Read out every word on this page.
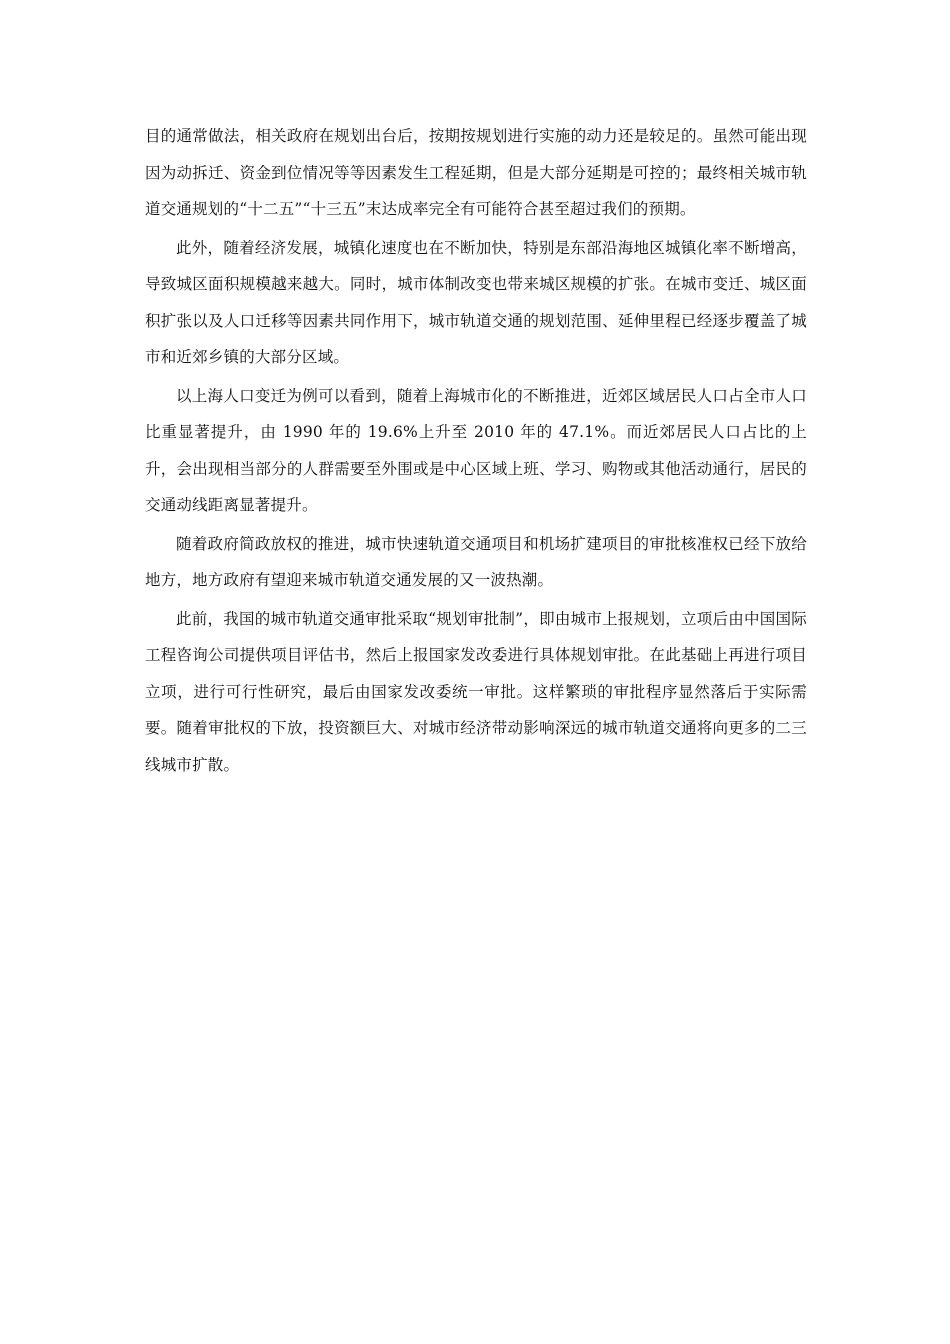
目的通常做法，相关政府在规划出台后，按期按规划进行实施的动力还是较足的。虽然可能出现因为动拆迁、资金到位情况等等因素发生工程延期，但是大部分延期是可控的；最终相关城市轨道交通规划的“十二五”“十三五”末达成率完全有可能符合甚至超过我们的预期。

此外，随着经济发展，城镇化速度也在不断加快，特别是东部沿海地区城镇化率不断增高，导致城区面积规模越来越大。同时，城市体制改变也带来城区规模的扩张。在城市变迁、城区面积扩张以及人口迁移等因素共同作用下，城市轨道交通的规划范围、延伸里程已经逐步覆盖了城市和近郊乡镇的大部分区域。

以上海人口变迁为例可以看到，随着上海城市化的不断推进，近郊区域居民人口占全市人口比重显著提升，由 1990 年的 19.6%上升至 2010 年的 47.1%。而近郊居民人口占比的上升，会出现相当部分的人群需要至外围或是中心区域上班、学习、购物或其他活动通行，居民的交通动线距离显著提升。

随着政府简政放权的推进，城市快速轨道交通项目和机场扩建项目的审批核准权已经下放给地方，地方政府有望迎来城市轨道交通发展的又一波热潮。

此前，我国的城市轨道交通审批采取“规划审批制”，即由城市上报规划，立项后由中国国际工程咨询公司提供项目评估书，然后上报国家发改委进行具体规划审批。在此基础上再进行项目立项，进行可行性研究，最后由国家发改委统一审批。这样繁琐的审批程序显然落后于实际需要。随着审批权的下放，投资额巨大、对城市经济带动影响深远的城市轨道交通将向更多的二三线城市扩散。
